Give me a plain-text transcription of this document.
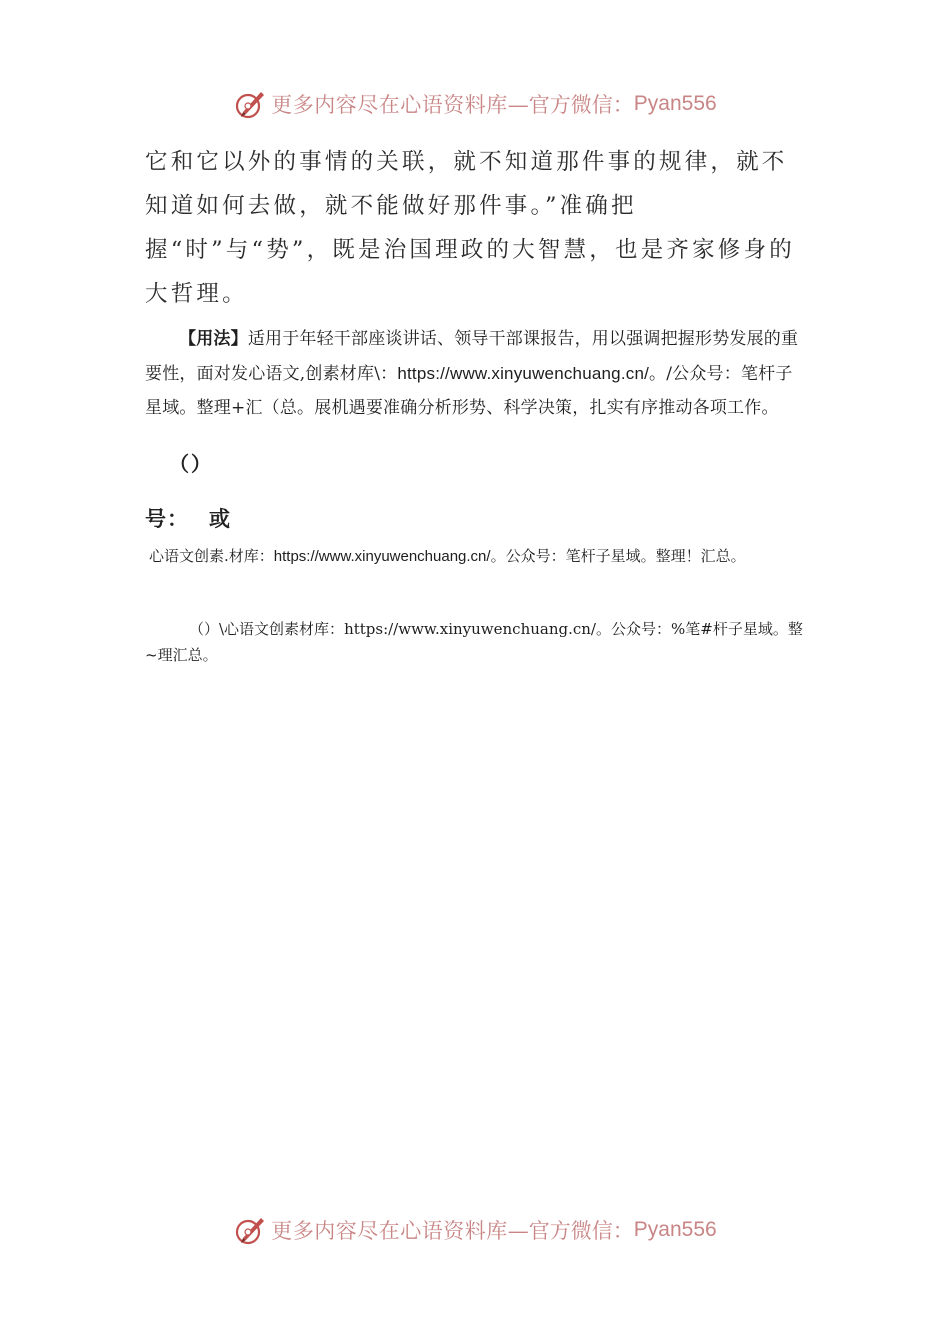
更多内容尽在心语资料库 —官方微信： Pyan556

它和它以外的事情的关联，就不知道那件事的规律，就不知道如何去做，就不能做好那件事。”准确把握“时”与“势”，既是治国理政的大智慧，也是齐家修身的大哲理。

【用法】适用于年轻干部座谈讲话、领导干部课报告，用以强调把握形势发展的重要性，面对发心语文,创素材库\：https://www.xinyuwenchuang.cn/。/公众号：笔杆子星域。整理+汇（总。展机遇要准确分析形势、科学决策，扎实有序推动各项工作。

（）
号： 或

心语文创素.材库：https://www.xinyuwenchuang.cn/。公众号：笔杆子星域。整理！汇总。

（）\心语文创素材库：https://www.xinyuwenchuang.cn/。公众号：%笔#杆子星域。整~理汇总。

更多内容尽在心语资料库 —官方微信： Pyan556
